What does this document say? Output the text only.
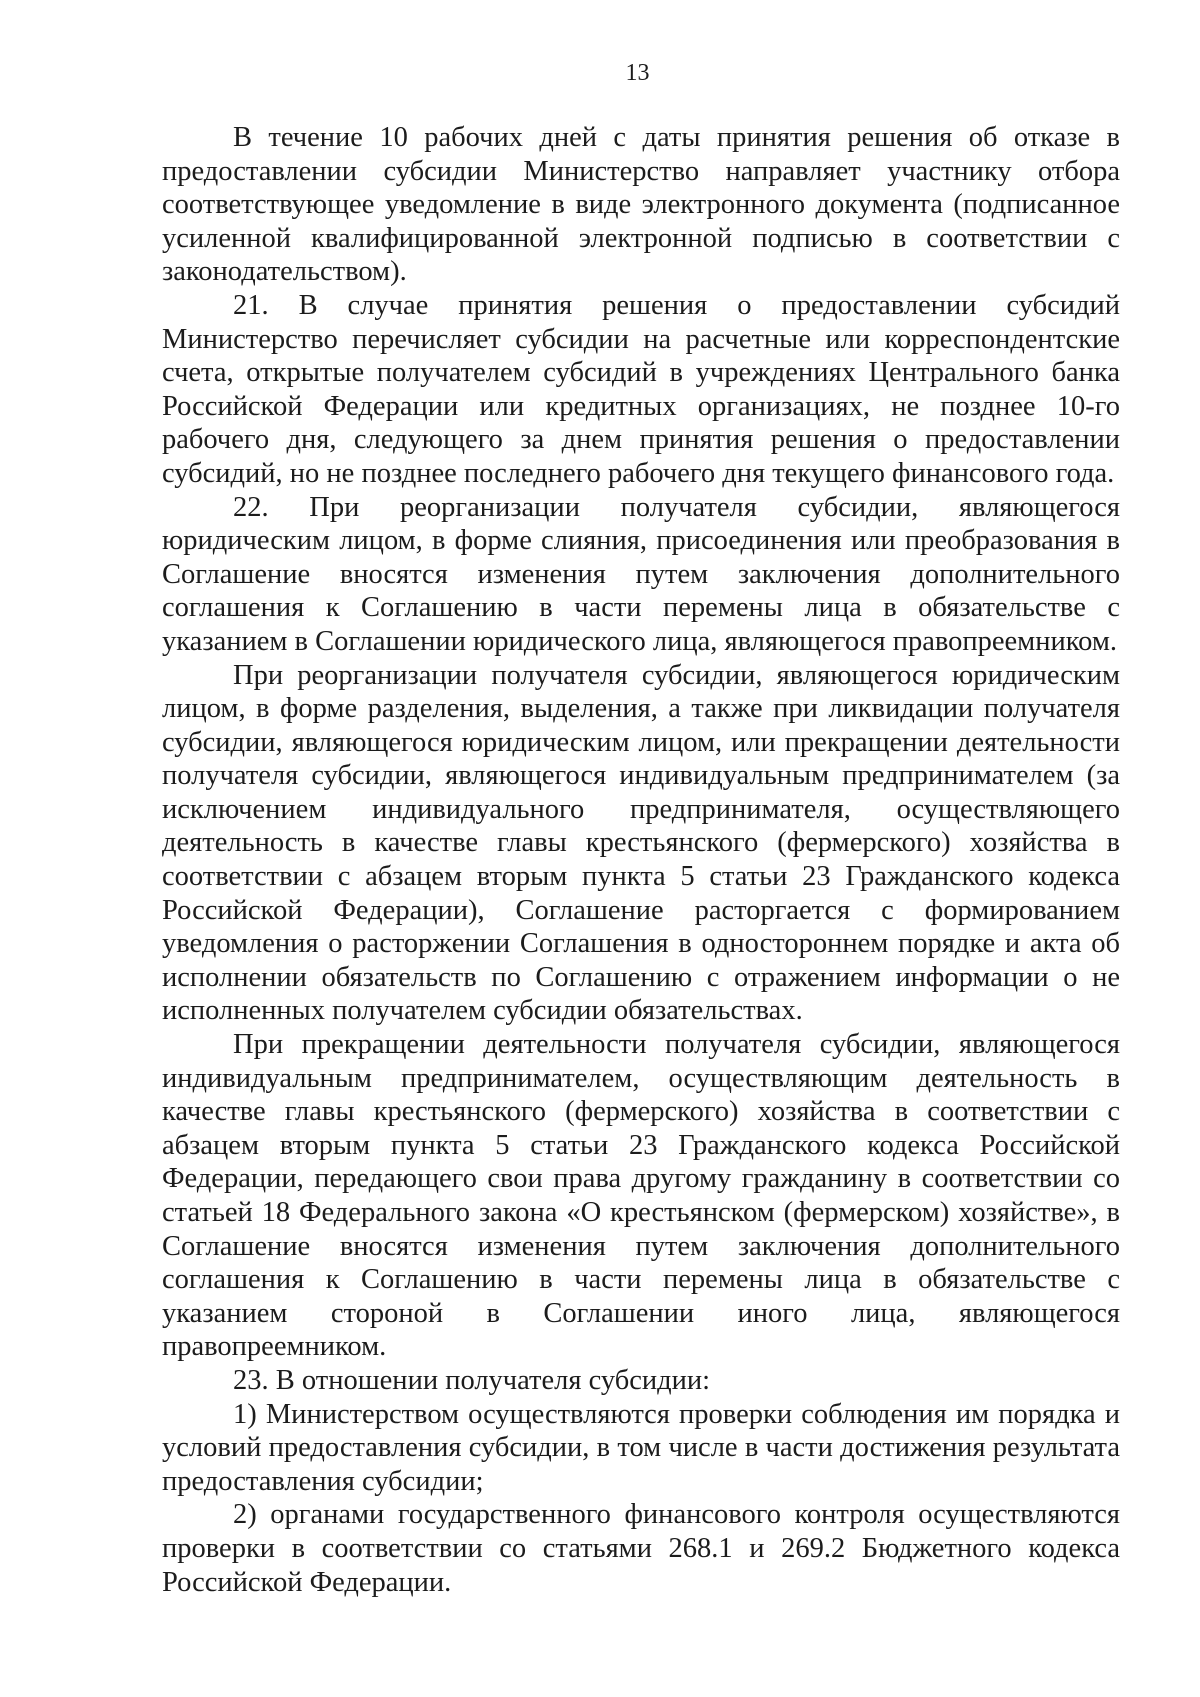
13

В течение 10 рабочих дней с даты принятия решения об отказе в предоставлении субсидии Министерство направляет участнику отбора соответствующее уведомление в виде электронного документа (подписанное усиленной квалифицированной электронной подписью в соответствии с законодательством).

21. В случае принятия решения о предоставлении субсидий Министерство перечисляет субсидии на расчетные или корреспондентские счета, открытые получателем субсидий в учреждениях Центрального банка Российской Федерации или кредитных организациях, не позднее 10-го рабочего дня, следующего за днем принятия решения о предоставлении субсидий, но не позднее последнего рабочего дня текущего финансового года.

22. При реорганизации получателя субсидии, являющегося юридическим лицом, в форме слияния, присоединения или преобразования в Соглашение вносятся изменения путем заключения дополнительного соглашения к Соглашению в части перемены лица в обязательстве с указанием в Соглашении юридического лица, являющегося правопреемником.

При реорганизации получателя субсидии, являющегося юридическим лицом, в форме разделения, выделения, а также при ликвидации получателя субсидии, являющегося юридическим лицом, или прекращении деятельности получателя субсидии, являющегося индивидуальным предпринимателем (за исключением индивидуального предпринимателя, осуществляющего деятельность в качестве главы крестьянского (фермерского) хозяйства в соответствии с абзацем вторым пункта 5 статьи 23 Гражданского кодекса Российской Федерации), Соглашение расторгается с формированием уведомления о расторжении Соглашения в одностороннем порядке и акта об исполнении обязательств по Соглашению с отражением информации о не исполненных получателем субсидии обязательствах.

При прекращении деятельности получателя субсидии, являющегося индивидуальным предпринимателем, осуществляющим деятельность в качестве главы крестьянского (фермерского) хозяйства в соответствии с абзацем вторым пункта 5 статьи 23 Гражданского кодекса Российской Федерации, передающего свои права другому гражданину в соответствии со статьей 18 Федерального закона «О крестьянском (фермерском) хозяйстве», в Соглашение вносятся изменения путем заключения дополнительного соглашения к Соглашению в части перемены лица в обязательстве с указанием стороной в Соглашении иного лица, являющегося правопреемником.

23. В отношении получателя субсидии:

1) Министерством осуществляются проверки соблюдения им порядка и условий предоставления субсидии, в том числе в части достижения результата предоставления субсидии;

2) органами государственного финансового контроля осуществляются проверки в соответствии со статьями 268.1 и 269.2 Бюджетного кодекса Российской Федерации.
